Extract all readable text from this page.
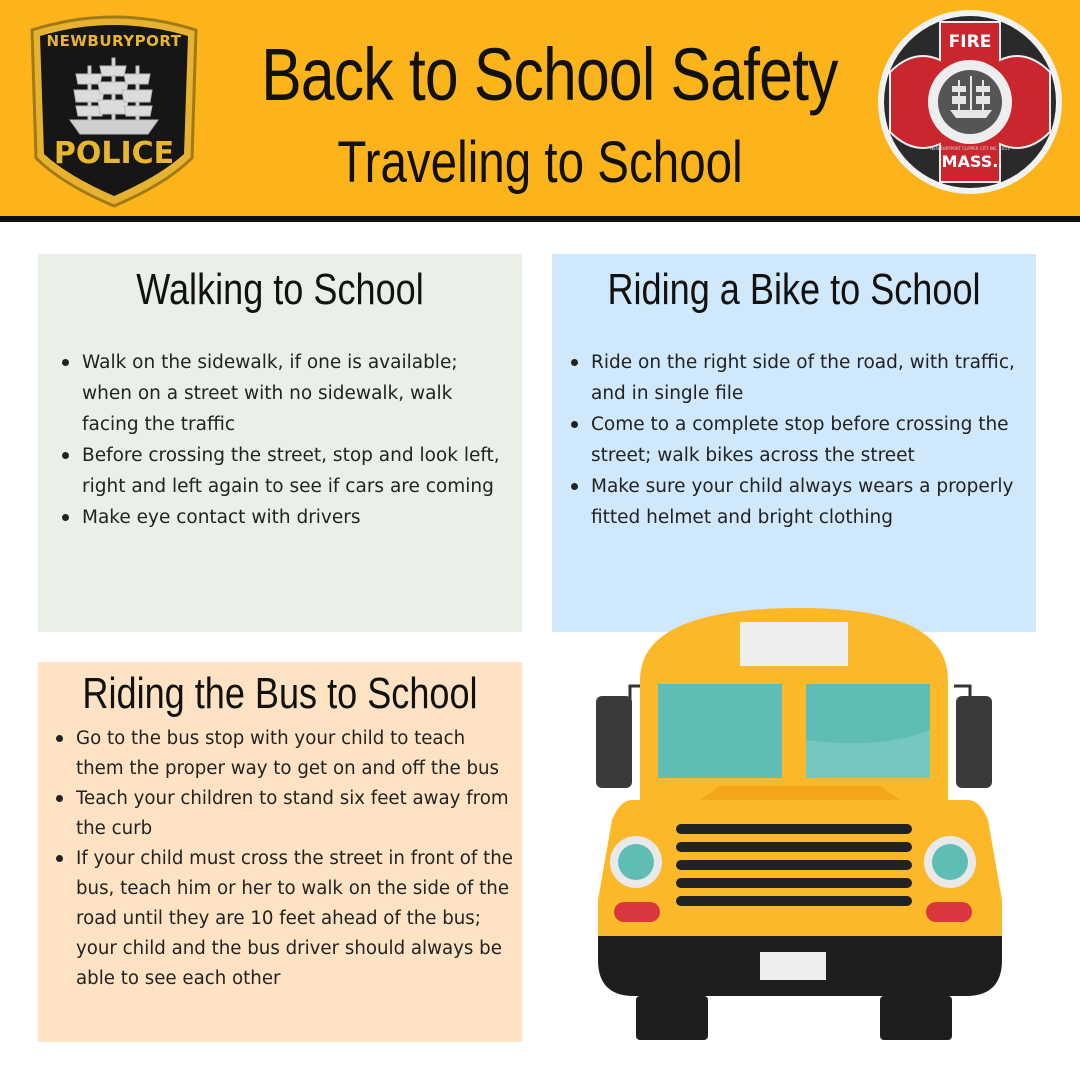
NEWBURYPORT
POLICE
Back to School Safety
Traveling to School
FIRE
MASS.
NEWBURYPORT CLIPPER CITY INC. 1851
Walking to School
Walk on the sidewalk, if one is available; when on a street with no sidewalk, walk facing the traffic
Before crossing the street, stop and look left, right and left again to see if cars are coming
Make eye contact with drivers
Riding a Bike to School
Ride on the right side of the road, with traffic, and in single file
Come to a complete stop before crossing the street; walk bikes across the street
Make sure your child always wears a properly fitted helmet and bright clothing
Riding the Bus to School
Go to the bus stop with your child to teach them the proper way to get on and off the bus
Teach your children to stand six feet away from the curb
If your child must cross the street in front of the bus, teach him or her to walk on the side of the road until they are 10 feet ahead of the bus; your child and the bus driver should always be able to see each other
